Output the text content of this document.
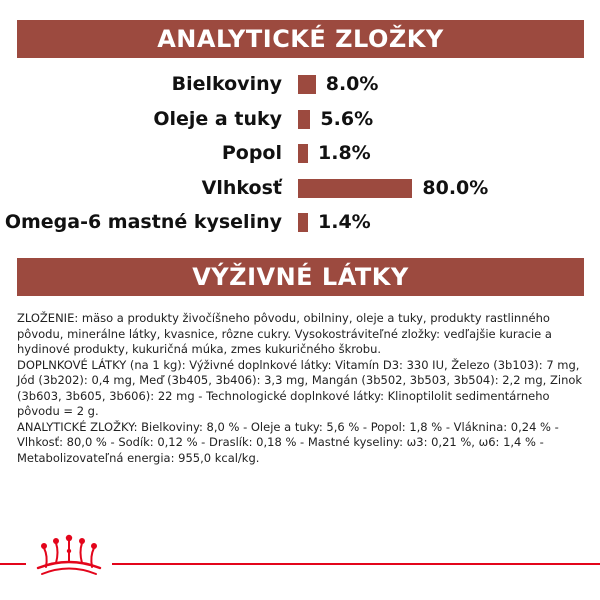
ANALYTICKÉ ZLOŽKY
Bielkoviny 8.0%
Oleje a tuky 5.6%
Popol 1.8%
Vlhkosť	80.0%
Omega-6 mastné kyseliny 1.4%
VÝŽIVNÉ LÁTKY

ZLOŽENIE: mäso a produkty živočíšneho pôvodu, obilniny, oleje a tuky, produkty rastlinného pôvodu, minerálne látky, kvasnice, rôzne cukry. Vysokostráviteľné zložky: vedľajšie kuracie a hydinové produkty, kukuričná múka, zmes kukuričného škrobu.

DOPLNKOVÉ LÁTKY (na 1 kg): Výživné doplnkové látky: Vitamín D3: 330 IU, Železo (3b103): 7 mg, Jód (3b202): 0,4 mg, Meď (3b405, 3b406): 3,3 mg, Mangán (3b502, 3b503, 3b504): 2,2 mg, Zinok (3b603, 3b605, 3b606): 22 mg - Technologické doplnkové látky: Klinoptilolit sedimentárneho pôvodu = 2 g.

ANALYTICKÉ ZLOŽKY: Bielkoviny: 8,0 % - Oleje a tuky: 5,6 % - Popol: 1,8 % - Vláknina: 0,24 % - Vlhkosť: 80,0 % - Sodík: 0,12 % - Draslík: 0,18 % - Mastné kyseliny: ω3: 0,21 %, ω6: 1,4 % - Metabolizovateľná energia: 955,0 kcal/kg.
